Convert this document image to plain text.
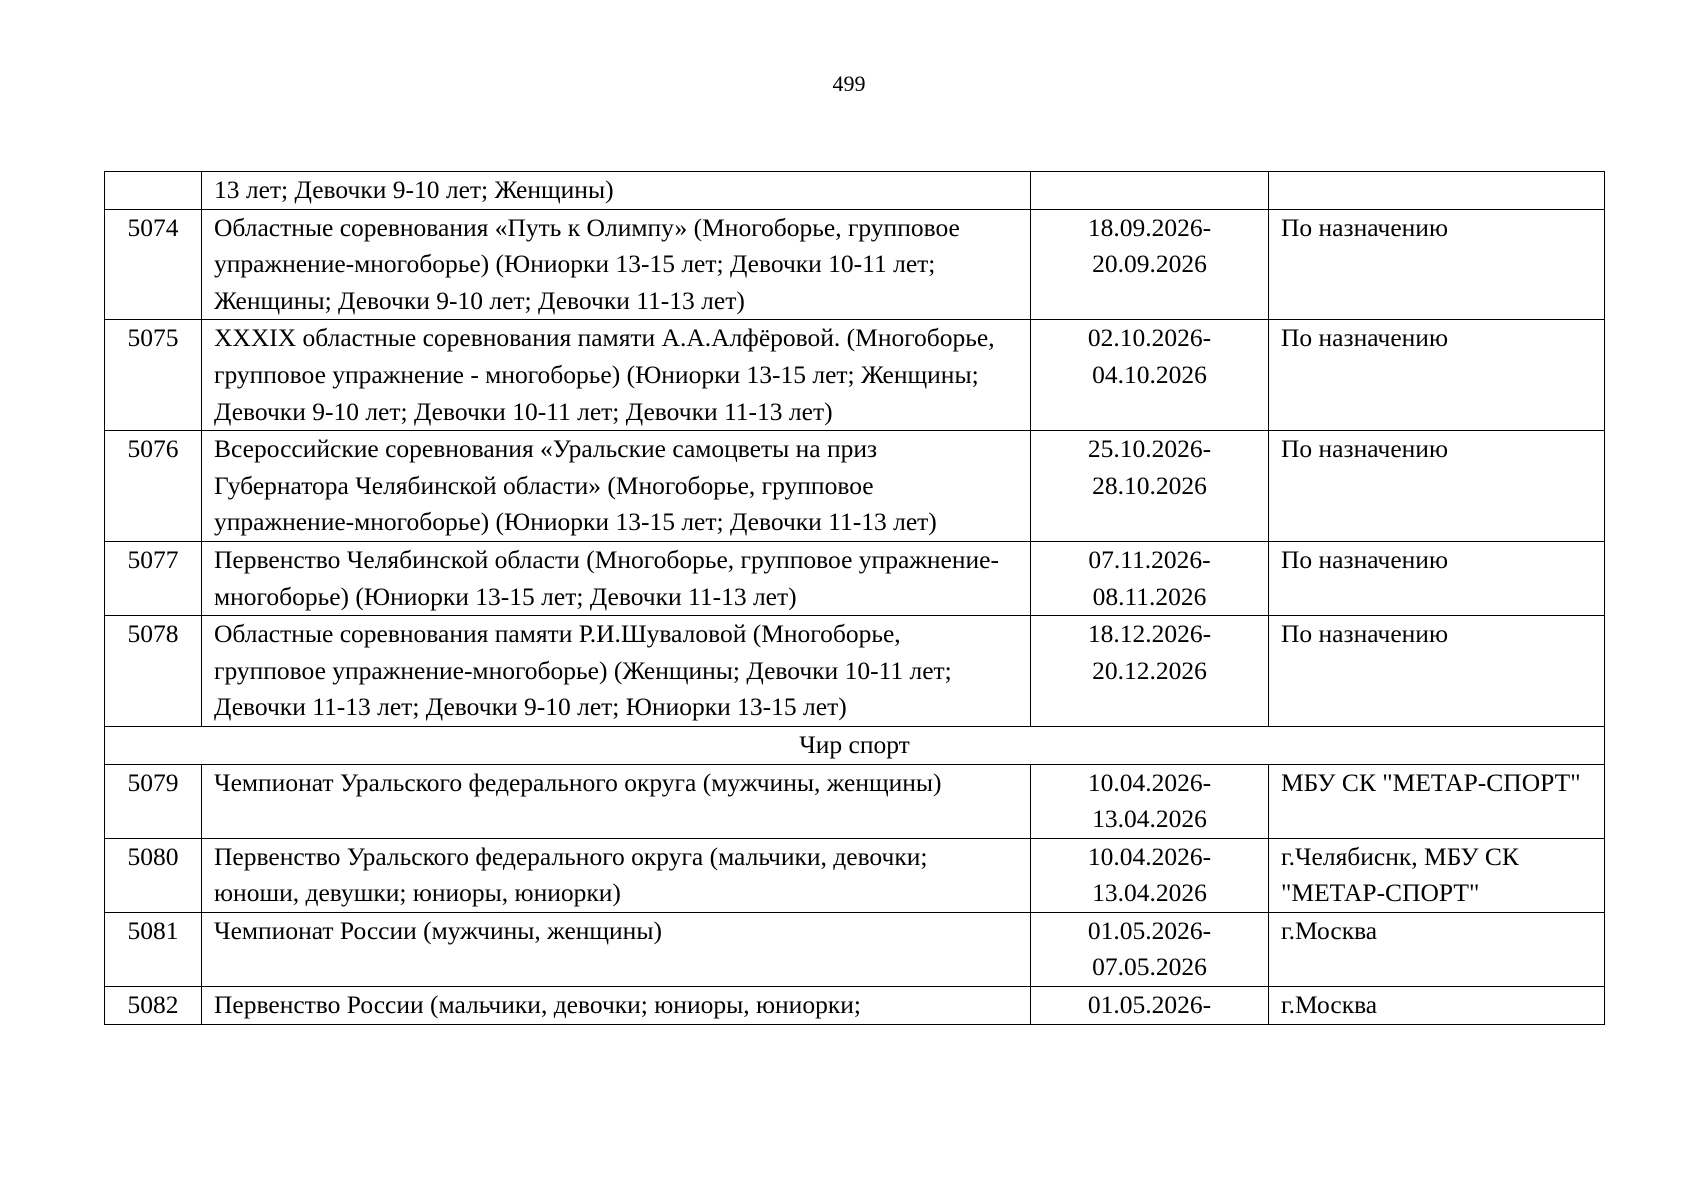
499
	13 лет; Девочки 9-10 лет; Женщины)		
5074	Областные соревнования «Путь к Олимпу» (Многоборье, групповое упражнение-многоборье) (Юниорки 13-15 лет; Девочки 10-11 лет; Женщины; Девочки 9-10 лет; Девочки 11-13 лет)	18.09.2026-20.09.2026	По назначению
5075	XXXIX областные соревнования памяти А.А.Алфёровой. (Многоборье, групповое упражнение - многоборье) (Юниорки 13-15 лет; Женщины; Девочки 9-10 лет; Девочки 10-11 лет; Девочки 11-13 лет)	02.10.2026-04.10.2026	По назначению
5076	Всероссийские соревнования «Уральские самоцветы на приз Губернатора Челябинской области» (Многоборье, групповое упражнение-многоборье) (Юниорки 13-15 лет; Девочки 11-13 лет)	25.10.2026-28.10.2026	По назначению
5077	Первенство Челябинской области (Многоборье, групповое упражнение-многоборье) (Юниорки 13-15 лет; Девочки 11-13 лет)	07.11.2026-08.11.2026	По назначению
5078	Областные соревнования памяти Р.И.Шуваловой (Многоборье, групповое упражнение-многоборье) (Женщины; Девочки 10-11 лет; Девочки 11-13 лет; Девочки 9-10 лет; Юниорки 13-15 лет)	18.12.2026-20.12.2026	По назначению
Чир спорт			
5079	Чемпионат Уральского федерального округа (мужчины, женщины)	10.04.2026-13.04.2026	МБУ СК "МЕТАР-СПОРТ"
5080	Первенство Уральского федерального округа (мальчики, девочки; юноши, девушки; юниоры, юниорки)	10.04.2026-13.04.2026	г.Челябиснк, МБУ СК "МЕТАР-СПОРТ"
5081	Чемпионат России (мужчины, женщины)	01.05.2026-07.05.2026	г.Москва
5082	Первенство России (мальчики, девочки; юниоры, юниорки;	01.05.2026-	г.Москва
